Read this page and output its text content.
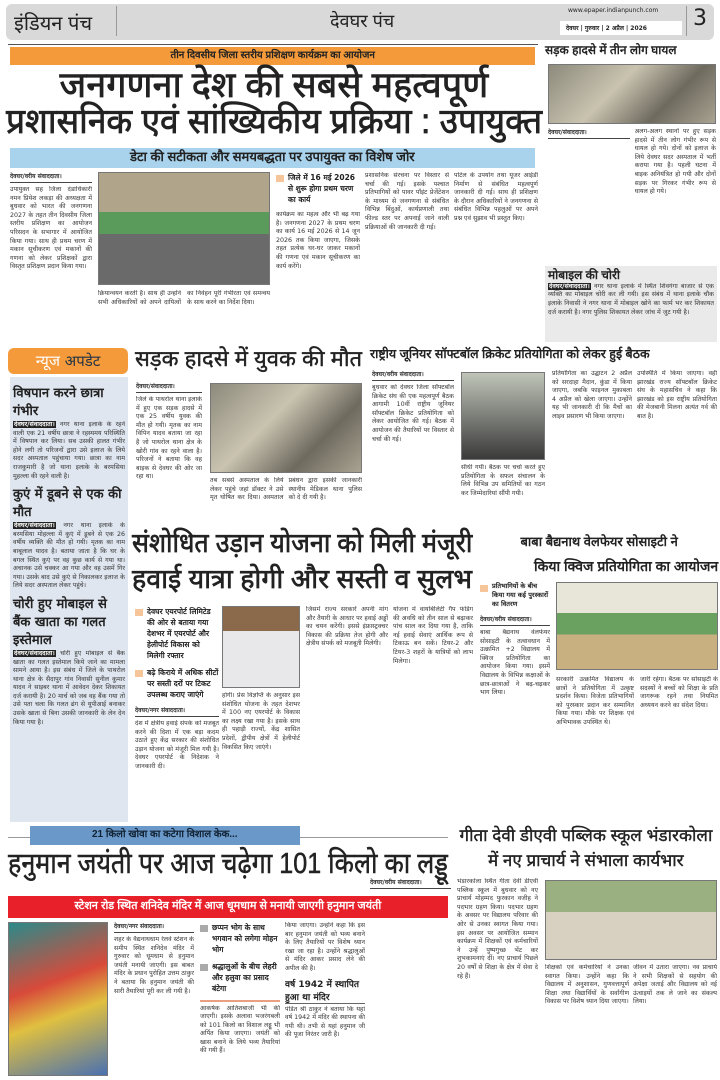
इंडियन पंच	देवघर पंच
www.epaper.indianpunch.com
देवघर | गुरुवार | 2 अप्रैल | 2026	3
तीन दिवसीय जिला स्तरीय प्रशिक्षण कार्यक्रम का आयोजन
जनगणना देश की सबसे महत्वपूर्ण
प्रशासनिक एवं सांख्यिकीय प्रक्रिया : उपायुक्त
डेटा की सटीकता और समयबद्धता पर उपायुक्त का विशेष जोर
देवघर/वरीय संवाददाता।
उपायुक्त सह जिला दंडाधिकारी नमन प्रियेश लकड़ा की अध्यक्षता में बुधवार को भारत की जनगणना 2027 के तहत तीन दिवसीय जिला स्तरीय प्रशिक्षण का आयोजन परिसदन के सभागार में आयोजित किया गया। साथ ही प्रथम चरण में मकान सूचीकरण एवं मकानों की गणना को लेकर प्रशिक्षकों द्वारा विस्तृत प्रशिक्षण प्रदान किया गया।
क्रियान्वयन करती है। साथ ही उन्होंने सभी अधिकारियों को अपने दायित्वों का निर्वहन पूरी गंभीरता एवं समन्वय के साथ करने का निर्देश दिया।
जिले में 16 मई 2026 से शुरू होगा प्रथम चरण का कार्य
कार्यक्रम का महत्व और भी बढ़ गया है। जनगणना 2027 के प्रथम चरण का कार्य 16 मई 2026 से 14 जून 2026 तक किया जाएगा, जिसके तहत प्रत्येक घर-घर जाकर मकानों की गणना एवं मकान सूचीकरण का कार्य करेंगे।
प्रशासनिक संरचना पर विस्तार से चर्चा की गई। इसके पश्चात प्रतिभागियों को पावर पॉइंट प्रेजेंटेशन के माध्यम से जनगणना से संबंधित विभिन्न बिंदुओं, कार्यप्रणाली तथा फील्ड स्तर पर अपनाई जाने वाली प्रक्रियाओं की जानकारी दी गई।
पोर्टल के उपयोग तथा यूजर आईडी निर्माण से संबंधित महत्वपूर्ण जानकारी दी गई। साथ ही प्रशिक्षण के दौरान अधिकारियों ने जनगणना से संबंधित विभिन्न पहलुओं पर अपने प्रश्न एवं सुझाव भी प्रस्तुत किए।
सड़क हादसे में तीन लोग घायल
देवघर/संवाददाता।	अलग-अलग स्थानों पर हुए सड़क हादसे में तीन लोग गंभीर रूप से घायल हो गये। दोनों को इलाज के लिये देवघर सदर अस्पताल में भर्ती कराया गया है। पहली घटना में बाइक अनियंत्रित हो गयी और दोनों सड़क पर गिरकर गंभीर रूप से घायल हो गये।
मोबाइल की चोरी
देवघर/संवाददाता। नगर थाना इलाके में स्थित शिवगंगा बाजार से एक व्यक्ति का मोबाइल चोरी कर ली गयी। इस संबंध में थाना इलाके चौक इलाके निवासी ने नगर थाना में मोबाइल खोने का फार्म भर कर शिकायत दर्ज करायी है। नगर पुलिस शिकायत लेकर जांच में जुट गयी है।
न्यूज अपडेट
विषपान करने छात्रा गंभीर
देवघर/संवाददाता। नगर थाना इलाके के रहने वाली एक 21 वर्षीय छात्रा ने रहस्यमय परिस्थिति में विषपान कर लिया। सब उसकी हालत गंभीर होने लगी तो परिजनों द्वारा उसे इलाज के लिये सदर अस्पताल पहुंचाया गया। छात्रा का नाम राजकुमारी है जो थाना इलाके के बरमसिया मुहल्ला की रहने वाली है।
कुएं में डूबने से एक की मौत
देवघर/संवाददाता। नगर थाना इलाके के बरमसिया मोहल्ला में कुएं में डूबने से एक 26 वर्षीय व्यक्ति की मौत हो गयी। मृतक का नाम बाबूलाल यादव है। बताया जाता है कि घर के बगल स्थित कुएं पर वह कुछ कार्य से गया था। अचानक उसे चक्कर आ गया और वह उसमें गिर गया। उसके बाद उसे कुएं से निकालकर इलाज के लिये सदर अस्पताल लेकर पहुंचे।
चोरी हुए मोबाइल से बैंक खाता का गलत इस्तेमाल
देवघर/संवाददाता। चोरी हुए मोबाइल से बैंक खाता का गलत इस्तेमाल किये जाने का मामला सामने आया है। इस संबंध में जिले के पाथरोल थाना क्षेत्र के सैदापुर गांव निवासी सुनील कुमार यादव ने साइबर थाना में आवेदन देकर शिकायत दर्ज करायी है। 20 मार्च को जब वह बैंक गया तो उसे पता चला कि गलत ढंग से यूपीआई बनाकर उसके खाता से बिना उसकी जानकारी के लेन देन किया गया है।
सड़क हादसे में युवक की मौत
देवघर/संवाददाता।
जिले के पाथरोल थाना इलाके में हुए एक सड़क हादसे में एक 25 वर्षीय युवक की मौत हो गयी। मृतक का नाम विपिन यादव बताया जा रहा है जो पाथरोल थाना क्षेत्र के खोरी गांव का रहने वाला है। परिजनों ने बताया कि वह बाइक से देवघर की ओर जा रहा था।
तब सबसे अस्पताल के लिये लेकर पहुंचे जहां डॉक्टर ने उसे मृत घोषित कर दिया। अस्पताल प्रबंधन द्वारा इसकी जानकारी स्थानीय मेडिकल थाना पुलिस को दे दी गयी है।
राष्ट्रीय जूनियर सॉफ्टबॉल क्रिकेट प्रतियोगिता को लेकर हुई बैठक
देवघर/वरीय संवाददाता।
बुधवार को देवघर जिला सॉफ्टबॉल क्रिकेट संघ की एक महत्वपूर्ण बैठक आगामी 10वीं राष्ट्रीय जूनियर सॉफ्टबॉल क्रिकेट प्रतियोगिता को लेकर आयोजित की गई। बैठक में आयोजन की तैयारियों पर विस्तार से चर्चा की गई।
सीधी गयी। बैठक पर चर्चा करते हुए प्रतियोगिता के सफल संचालन के लिये विभिन्न उप समितियों का गठन कर जिम्मेदारियां सौंपी गयी।
प्रतियोगिता का उद्घाटन 2 अप्रैल को सरदाहा मैदान, कुंडा में किया जाएगा, जबकि फाइनल मुकाबला 4 अप्रैल को खेला जाएगा। उन्होंने यह भी जानकारी दी कि मैचों का लाइव प्रसारण भी किया जाएगा।
उपस्थिति में किया जाएगा। वहीं झारखंड राज्य सॉफ्टबॉल क्रिकेट संघ के महासचिव ने कहा कि झारखंड को इस राष्ट्रीय प्रतियोगिता की मेजबानी मिलना अत्यंत गर्व की बात है।
संशोधित उड़ान योजना को मिली मंजूरी
हवाई यात्रा होगी और सस्ती व सुलभ
देवघर एयरपोर्ट लिमिटेड की ओर से बताया गया देशभर में एयरपोर्ट और हेलीपोर्ट विकास को मिलेगी रफ्तार
बढ़े किराये में अधिक सीटों पर सस्ती दरों पर टिकट उपलब्ध कराए जाएंगे
देवघर/नगर संवाददाता।
देश में क्षेत्रीय हवाई संपर्क को मजबूत करने की दिशा में एक बड़ा कदम उठाते हुए केंद्र सरकार की संशोधित उड़ान योजना को मंजूरी मिल गयी है। देवघर एयरपोर्ट के निदेशक ने जानकारी दी।
होगी। प्रेस विज्ञप्ति के अनुसार इस संशोधित योजना के तहत देशभर में 100 नए एयरपोर्ट के विकास का लक्ष्य रखा गया है। इसके साथ ही पहाड़ी राज्यों, केंद्र शासित प्रदेशों, द्वीपीय क्षेत्रों में हेलीपोर्ट विकसित किए जाएंगे।
जिसमें राज्य सरकारें अपनी मांग और तैयारी के आधार पर हवाई अड्डों का चयन करेंगी। इससे इंफ्रास्ट्रक्चर विकास की प्रक्रिया तेज होगी और क्षेत्रीय संपर्क को मजबूती मिलेगी।
योजना में वायबिलिटी गैप फंडिंग की अवधि को तीन साल से बढ़ाकर पांच साल कर दिया गया है, ताकि नई हवाई सेवाएं आर्थिक रूप से टिकाऊ बन सकें। टियर-2 और टियर-3 शहरों के यात्रियों को लाभ मिलेगा।
बाबा बैद्यनाथ वेलफेयर सोसाइटी ने
किया क्विज प्रतियोगिता का आयोजन
प्रतिभागियों के बीच किया गया कई पुरस्कारों का वितरण
देवघर/वरीय संवाददाता।
बाबा बैद्यनाथ वेलफेयर सोसाइटी के तत्वावधान में उत्क्रमित +2 विद्यालय में क्विज प्रतियोगिता का आयोजन किया गया। इसमें विद्यालय के विभिन्न कक्षाओं के छात्र-छात्राओं ने बढ़-चढ़कर भाग लिया।
सरकारी उत्क्रमित विद्यालय के छात्रों ने प्रतियोगिता में उत्कृष्ट प्रदर्शन किया। विजेता प्रतिभागियों को पुरस्कार प्रदान कर सम्मानित किया गया। मौके पर शिक्षक एवं अभिभावक उपस्थित थे।
जारी रहेगा। बैठक पर सोसाइटी के सदस्यों ने बच्चों को शिक्षा के प्रति जागरूक रहने तथा नियमित अध्ययन करने का संदेश दिया।
21 किलो खोवा का कटेगा विशाल केक...
हनुमान जयंती पर आज चढ़ेगा 101 किलो का लड्डू
स्टेशन रोड स्थित शनिदेव मंदिर में आज धूमधाम से मनायी जाएगी हनुमान जयंती
देवघर/नगर संवाददाता।
शहर के वैद्यनाथधाम रेलवे स्टेशन के समीप स्थित शनिदेव मंदिर में गुरुवार को धूमधाम से हनुमान जयंती मनायी जाएगी। इस बाबत मंदिर के प्रधान पुरोहित उत्तम ठाकुर ने बताया कि हनुमान जयंती की सारी तैयारियां पूरी कर ली गयी है।
छप्पन भोग के साथ भगवान को लगेगा मोहन भोग
श्रद्धालुओं के बीच लेहरी और हलुवा का प्रसाद बंटेगा
आकर्षक आतिशबाजी भी की जाएगी। इसके अलावा भजरंगबली को 101 किलो का विशाल लड्डू भी अर्पित किया जाएगा। जयंती को खास बनाने के लिये भव्य तैयारियां की गयी हैं।
किया जाएगा। उन्होंने कहा कि इस बार हनुमान जयंती को भव्य बनाने के लिए तैयारियों पर विशेष ध्यान रखा जा रहा है। उन्होंने श्रद्धालुओं से मंदिर आकर प्रसाद लेने की अपील की है।
वर्ष 1942 में स्थापित हुआ था मंदिर
पंडित श्री ठाकुर ने बताया कि यहां वर्ष 1942 में मंदिर की स्थापना की गयी थी। तभी से यहां हनुमान जी की पूजा निरंतर जारी है।
गीता देवी डीएवी पब्लिक स्कूल भंडारकोला
में नए प्राचार्य ने संभाला कार्यभार
देवघर/वरीय संवाददाता।	भंडारकोला स्थित गीता देवी डीएवी पब्लिक स्कूल में बुधवार को नए प्राचार्य मोहम्मद फुरकान वजीह ने पदभार ग्रहण किया। पदभार ग्रहण के अवसर पर विद्यालय परिवार की ओर से उनका स्वागत किया गया। इस अवसर पर आयोजित सम्मान कार्यक्रम में शिक्षकों एवं कर्मचारियों ने उन्हें पुष्पगुच्छ भेंट कर शुभकामनाएं दीं। नए प्राचार्य पिछले 20 वर्षों से शिक्षा के क्षेत्र में सेवा दे रहे हैं।
शिक्षकों एवं कर्मचारियों ने उनका स्वागत किया। उन्होंने कहा कि विद्यालय में अनुशासन, गुणवत्तापूर्ण शिक्षा तथा विद्यार्थियों के सर्वांगीण विकास पर विशेष ध्यान दिया जाएगा।
जीवन में उतारा जाएगा। नव प्राचार्य ने सभी शिक्षकों से सहयोग की अपेक्षा जताई और विद्यालय को नई ऊंचाइयों तक ले जाने का संकल्प लिया।
